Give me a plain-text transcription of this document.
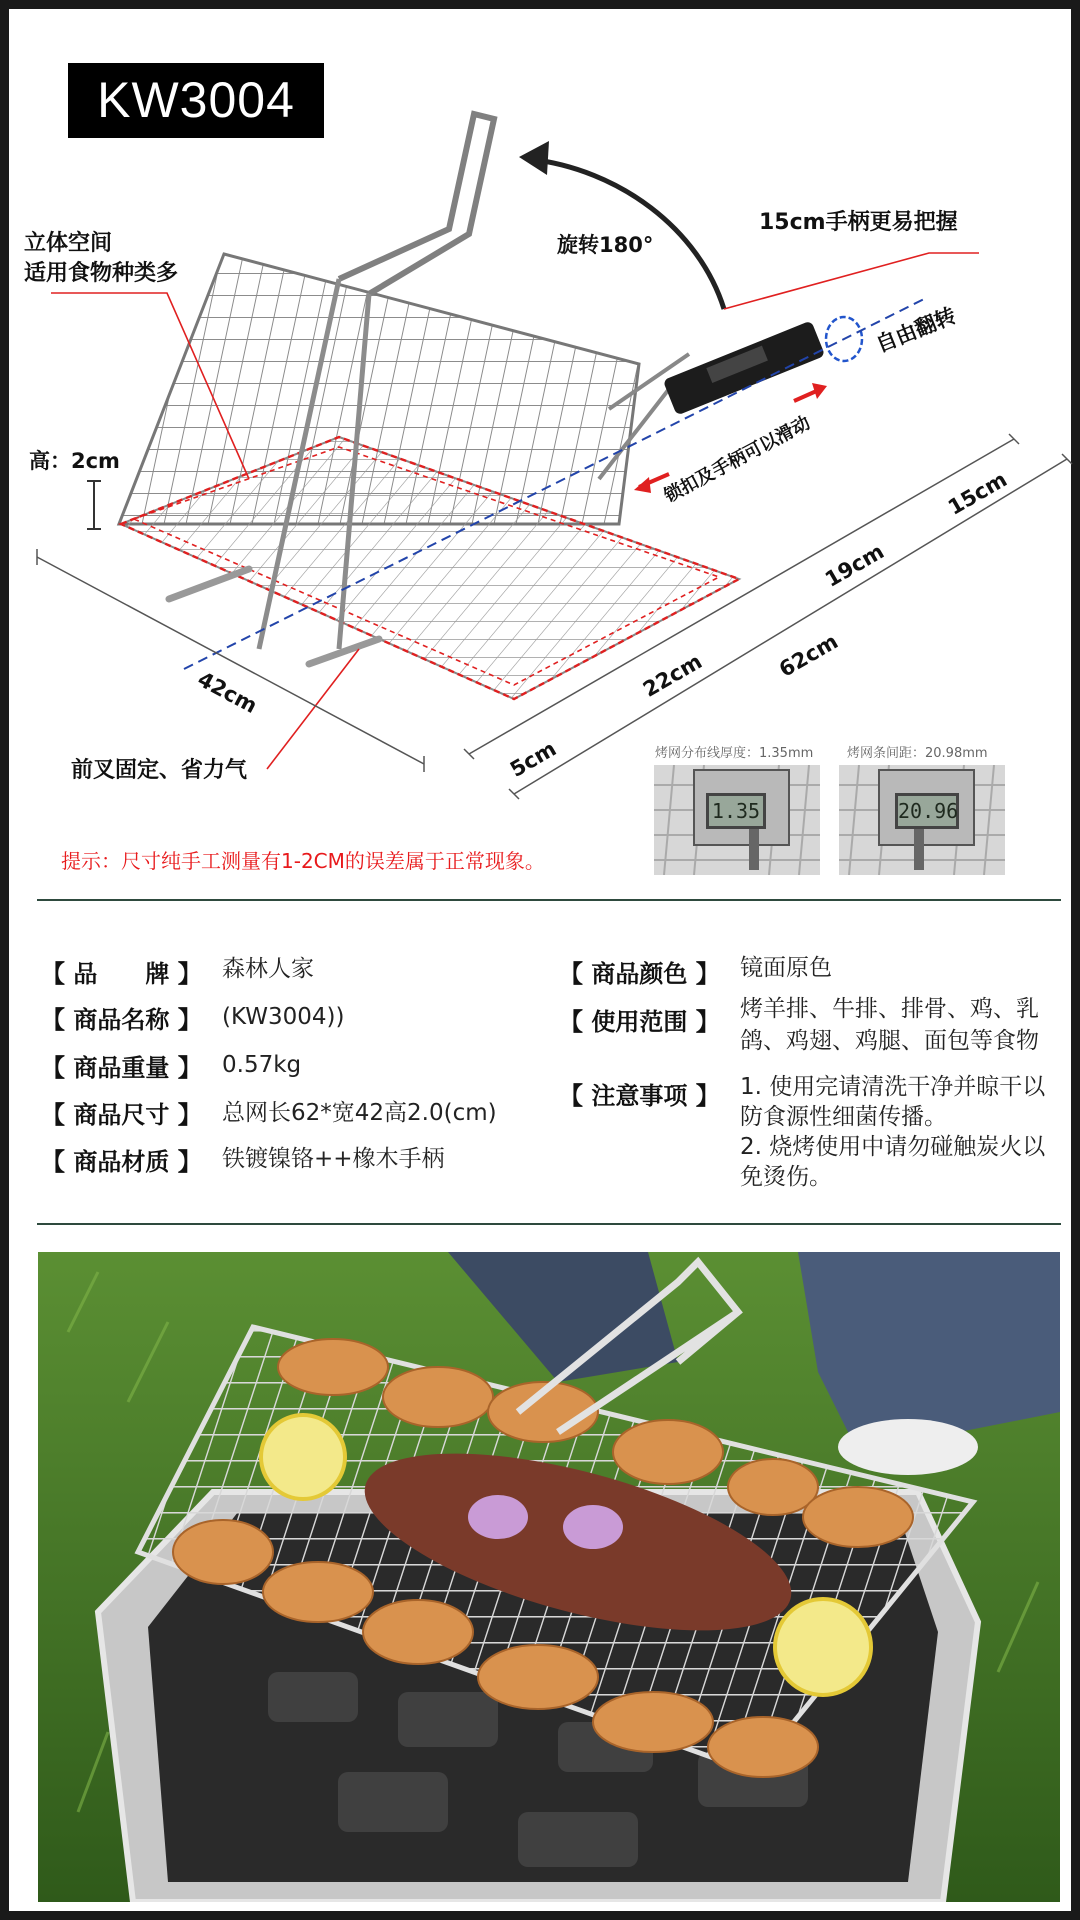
KW3004
立体空间
适用食物种类多
旋转180°
15cm手柄更易把握
自由翻转
锁扣及手柄可以滑动
高：2cm
前叉固定、省力气
42cm
5cm
22cm
19cm
15cm
62cm
烤网分布线厚度：1.35mm
1.35
烤网条间距：20.98mm
20.96
提示：尺寸纯手工测量有1-2CM的误差属于正常现象。
【 品　　牌 】 森林人家
【 商品名称 】 (KW3004))
【 商品重量 】 0.57kg
【 商品尺寸 】 总网长62*宽42高2.0(cm)
【 商品材质 】 铁镀镍铬++橡木手柄
【 商品颜色 】 镜面原色
【 使用范围 】 烤羊排、牛排、排骨、鸡、乳
鸽、鸡翅、鸡腿、面包等食物
【 注意事项 】 1. 使用完请清洗干净并晾干以
防食源性细菌传播。
2. 烧烤使用中请勿碰触炭火以
免烫伤。
